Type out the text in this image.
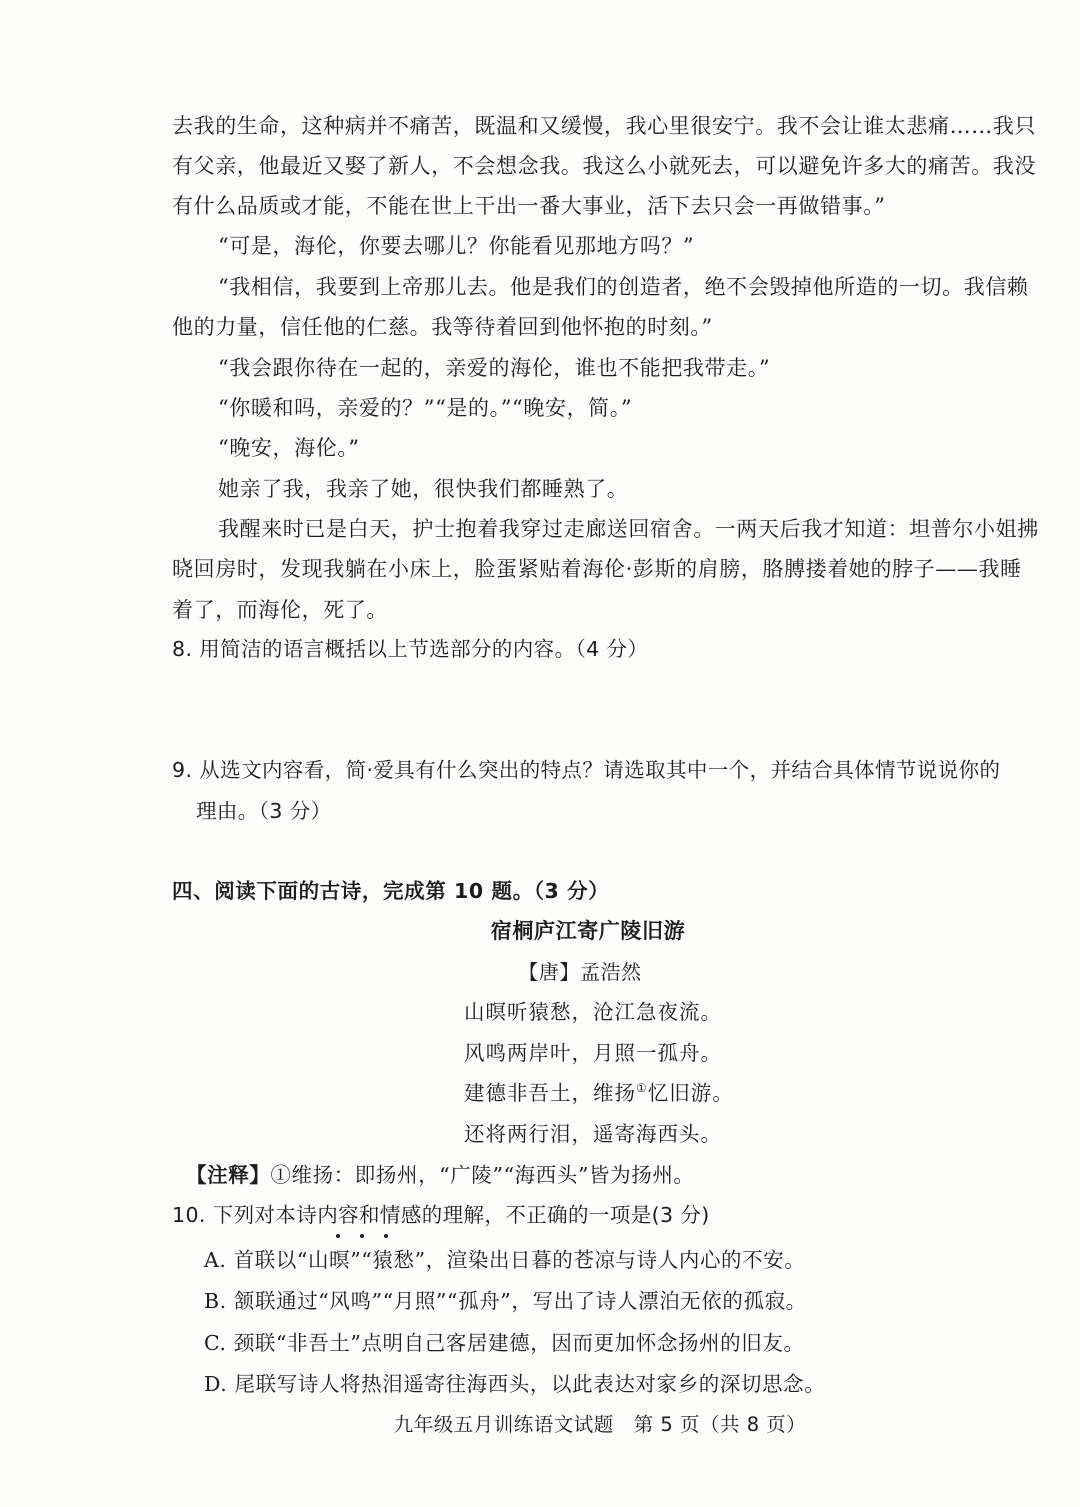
去我的生命，这种病并不痛苦，既温和又缓慢，我心里很安宁。我不会让谁太悲痛……我只
有父亲，他最近又娶了新人，不会想念我。我这么小就死去，可以避免许多大的痛苦。我没
有什么品质或才能，不能在世上干出一番大事业，活下去只会一再做错事。”
“可是，海伦，你要去哪儿？你能看见那地方吗？”
“我相信，我要到上帝那儿去。他是我们的创造者，绝不会毁掉他所造的一切。我信赖
他的力量，信任他的仁慈。我等待着回到他怀抱的时刻。”
“我会跟你待在一起的，亲爱的海伦，谁也不能把我带走。”
“你暖和吗，亲爱的？”“是的。”“晚安，简。”
“晚安，海伦。”
她亲了我，我亲了她，很快我们都睡熟了。
我醒来时已是白天，护士抱着我穿过走廊送回宿舍。一两天后我才知道：坦普尔小姐拂
晓回房时，发现我躺在小床上，脸蛋紧贴着海伦·彭斯的肩膀，胳膊搂着她的脖子——我睡
着了，而海伦，死了。
8. 用简洁的语言概括以上节选部分的内容。（4 分）
9. 从选文内容看，简·爱具有什么突出的特点？请选取其中一个，并结合具体情节说说你的
理由。（3 分）
四、阅读下面的古诗，完成第 10 题。（3 分）
宿桐庐江寄广陵旧游
【唐】孟浩然
山暝听猿愁，沧江急夜流。
风鸣两岸叶，月照一孤舟。
建德非吾土，维扬①忆旧游。
还将两行泪，遥寄海西头。
【注释】①维扬：即扬州，“广陵”“海西头”皆为扬州。
10. 下列对本诗内容和情感的理解，不正确的一项是(3 分)
A. 首联以“山暝”“猿愁”，渲染出日暮的苍凉与诗人内心的不安。
B. 颔联通过“风鸣”“月照”“孤舟”，写出了诗人漂泊无依的孤寂。
C. 颈联“非吾土”点明自己客居建德，因而更加怀念扬州的旧友。
D. 尾联写诗人将热泪遥寄往海西头，以此表达对家乡的深切思念。
九年级五月训练语文试题　第 5 页（共 8 页）
